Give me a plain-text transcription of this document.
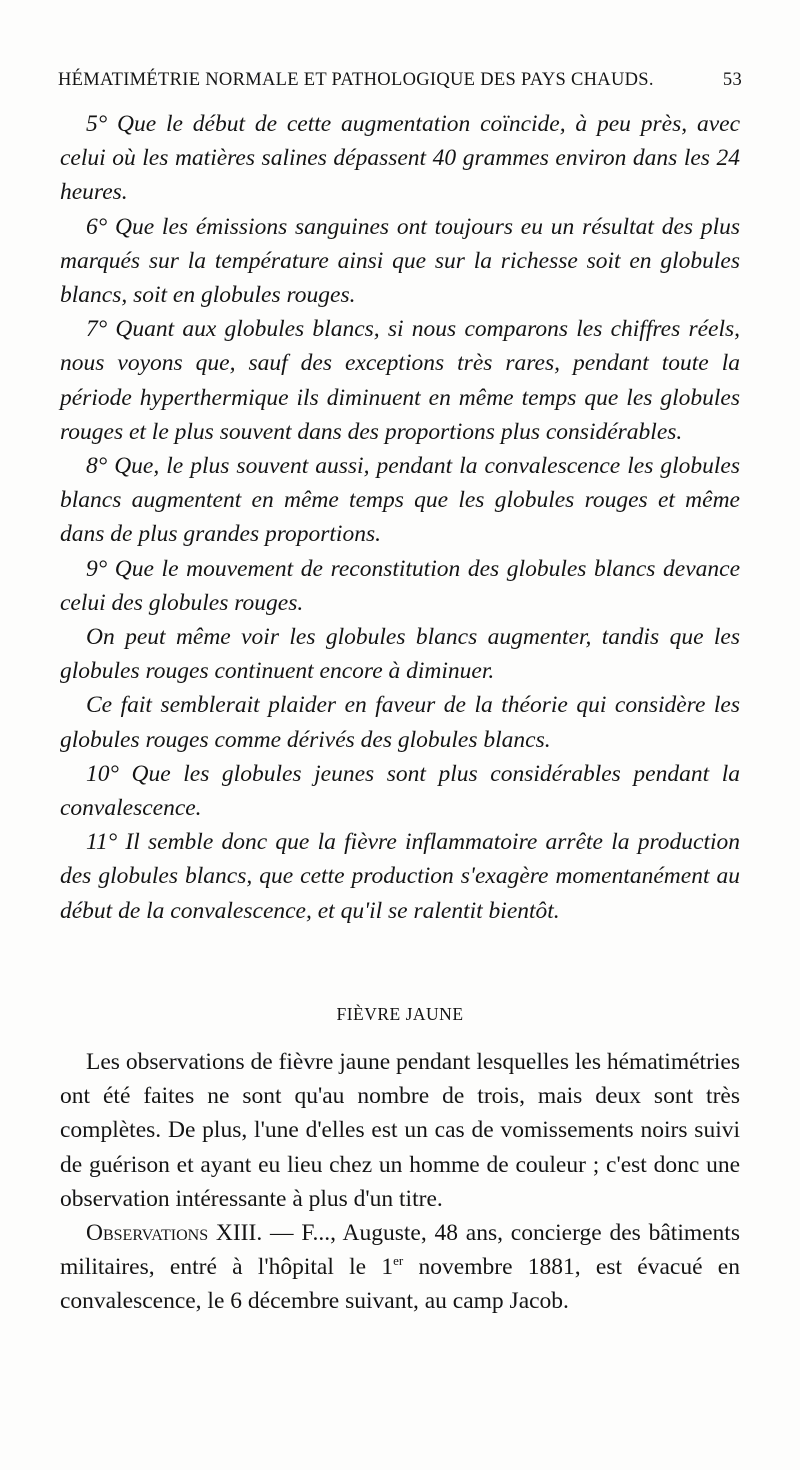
HÉMATIMÉTRIE NORMALE ET PATHOLOGIQUE DES PAYS CHAUDS.	53

5° Que le début de cette augmentation coïncide, à peu près, avec celui où les matières salines dépassent 40 grammes environ dans les 24 heures.

6° Que les émissions sanguines ont toujours eu un résultat des plus marqués sur la température ainsi que sur la richesse soit en globules blancs, soit en globules rouges.

7° Quant aux globules blancs, si nous comparons les chiffres réels, nous voyons que, sauf des exceptions très rares, pendant toute la période hyperthermique ils diminuent en même temps que les globules rouges et le plus souvent dans des proportions plus considérables.

8° Que, le plus souvent aussi, pendant la convalescence les globules blancs augmentent en même temps que les globules rouges et même dans de plus grandes proportions.

9° Que le mouvement de reconstitution des globules blancs devance celui des globules rouges.

On peut même voir les globules blancs augmenter, tandis que les globules rouges continuent encore à diminuer.

Ce fait semblerait plaider en faveur de la théorie qui considère les globules rouges comme dérivés des globules blancs.

10° Que les globules jeunes sont plus considérables pendant la convalescence.

11° Il semble donc que la fièvre inflammatoire arrête la production des globules blancs, que cette production s'exagère momentanément au début de la convalescence, et qu'il se ralentit bientôt.

FIÈVRE JAUNE

Les observations de fièvre jaune pendant lesquelles les hématimétries ont été faites ne sont qu'au nombre de trois, mais deux sont très complètes. De plus, l'une d'elles est un cas de vomissements noirs suivi de guérison et ayant eu lieu chez un homme de couleur ; c'est donc une observation intéressante à plus d'un titre.

Observations XIII. — F..., Auguste, 48 ans, concierge des bâtiments militaires, entré à l'hôpital le 1er novembre 1881, est évacué en convalescence, le 6 décembre suivant, au camp Jacob.
